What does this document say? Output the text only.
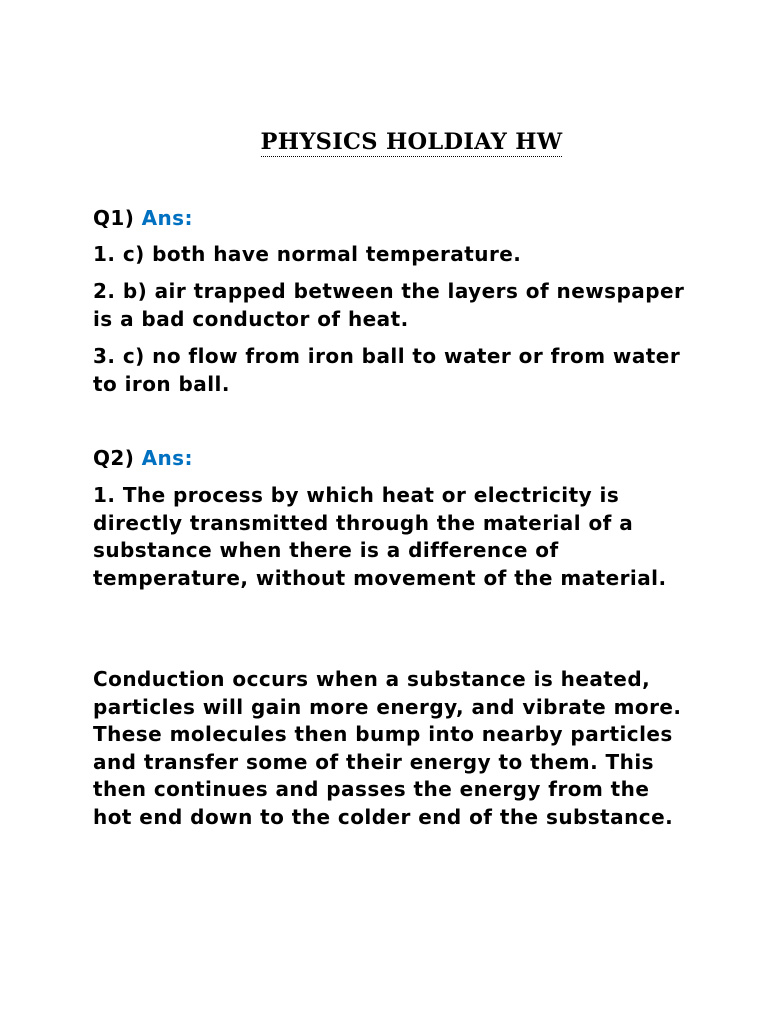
PHYSICS HOLDIAY HW

Q1) Ans:

1. c) both have normal temperature.

2. b) air trapped between the layers of newspaper is a bad conductor of heat.

3. c) no flow from iron ball to water or from water to iron ball.

Q2) Ans:

1. The process by which heat or electricity is directly transmitted through the material of a substance when there is a difference of temperature, without movement of the material.

Conduction occurs when a substance is heated, particles will gain more energy, and vibrate more. These molecules then bump into nearby particles and transfer some of their energy to them. This then continues and passes the energy from the hot end down to the colder end of the substance.
